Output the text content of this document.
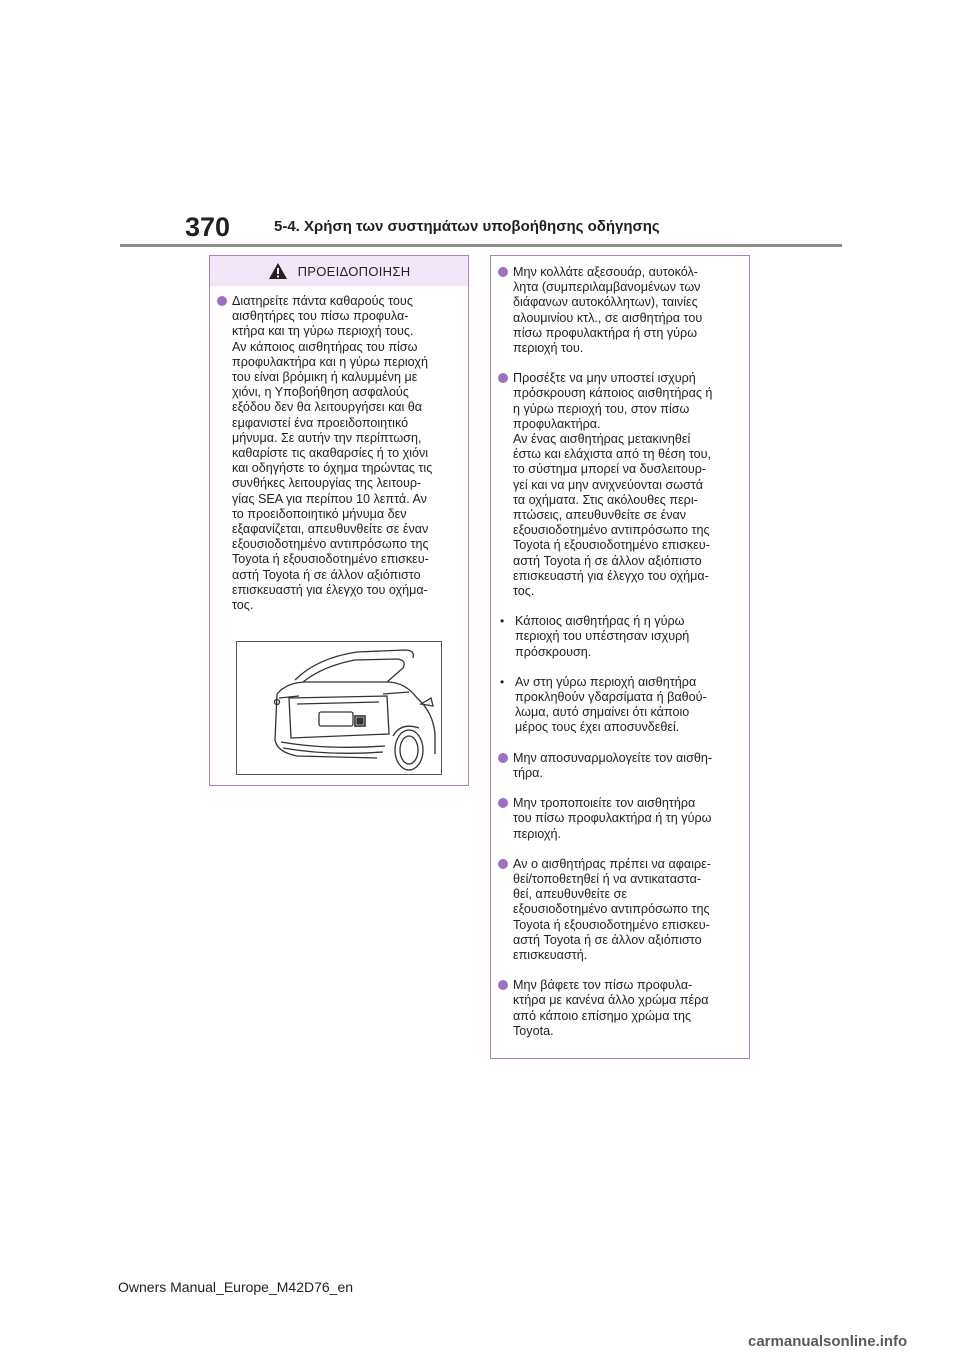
370	5-4. Χρήση των συστημάτων υποβοήθησης οδήγησης
ΠΡΟΕΙΔΟΠΟΙΗΣΗ
Διατηρείτε πάντα καθαρούς τους
αισθητήρες του πίσω προφυλα-
κτήρα και τη γύρω περιοχή τους.
Αν κάποιος αισθητήρας του πίσω
προφυλακτήρα και η γύρω περιοχή
του είναι βρόμικη ή καλυμμένη με
χιόνι, η Υποβοήθηση ασφαλούς
εξόδου δεν θα λειτουργήσει και θα
εμφανιστεί ένα προειδοποιητικό
μήνυμα. Σε αυτήν την περίπτωση,
καθαρίστε τις ακαθαρσίες ή το χιόνι
και οδηγήστε το όχημα τηρώντας τις
συνθήκες λειτουργίας της λειτουρ-
γίας SEA για περίπου 10 λεπτά. Αν
το προειδοποιητικό μήνυμα δεν
εξαφανίζεται, απευθυνθείτε σε έναν
εξουσιοδοτημένο αντιπρόσωπο της
Toyota ή εξουσιοδοτημένο επισκευ-
αστή Toyota ή σε άλλον αξιόπιστο
επισκευαστή για έλεγχο του οχήμα-
τος.
Μην κολλάτε αξεσουάρ, αυτοκόλ-
λητα (συμπεριλαμβανομένων των
διάφανων αυτοκόλλητων), ταινίες
αλουμινίου κτλ., σε αισθητήρα του
πίσω προφυλακτήρα ή στη γύρω
περιοχή του.
Προσέξτε να μην υποστεί ισχυρή
πρόσκρουση κάποιος αισθητήρας ή
η γύρω περιοχή του, στον πίσω
προφυλακτήρα.
Αν ένας αισθητήρας μετακινηθεί
έστω και ελάχιστα από τη θέση του,
το σύστημα μπορεί να δυσλειτουρ-
γεί και να μην ανιχνεύονται σωστά
τα οχήματα. Στις ακόλουθες περι-
πτώσεις, απευθυνθείτε σε έναν
εξουσιοδοτημένο αντιπρόσωπο της
Toyota ή εξουσιοδοτημένο επισκευ-
αστή Toyota ή σε άλλον αξιόπιστο
επισκευαστή για έλεγχο του οχήμα-
τος.
• Κάποιος αισθητήρας ή η γύρω
περιοχή του υπέστησαν ισχυρή
πρόσκρουση.
• Αν στη γύρω περιοχή αισθητήρα
προκληθούν γδαρσίματα ή βαθού-
λωμα, αυτό σημαίνει ότι κάποιο
μέρος τους έχει αποσυνδεθεί.
Μην αποσυναρμολογείτε τον αισθη-
τήρα.
Μην τροποποιείτε τον αισθητήρα
του πίσω προφυλακτήρα ή τη γύρω
περιοχή.
Αν ο αισθητήρας πρέπει να αφαιρε-
θεί/τοποθετηθεί ή να αντικαταστα-
θεί, απευθυνθείτε σε
εξουσιοδοτημένο αντιπρόσωπο της
Toyota ή εξουσιοδοτημένο επισκευ-
αστή Toyota ή σε άλλον αξιόπιστο
επισκευαστή.
Μην βάφετε τον πίσω προφυλα-
κτήρα με κανένα άλλο χρώμα πέρα
από κάποιο επίσημο χρώμα της
Toyota.
Owners Manual_Europe_M42D76_en
carmanualsonline.info
